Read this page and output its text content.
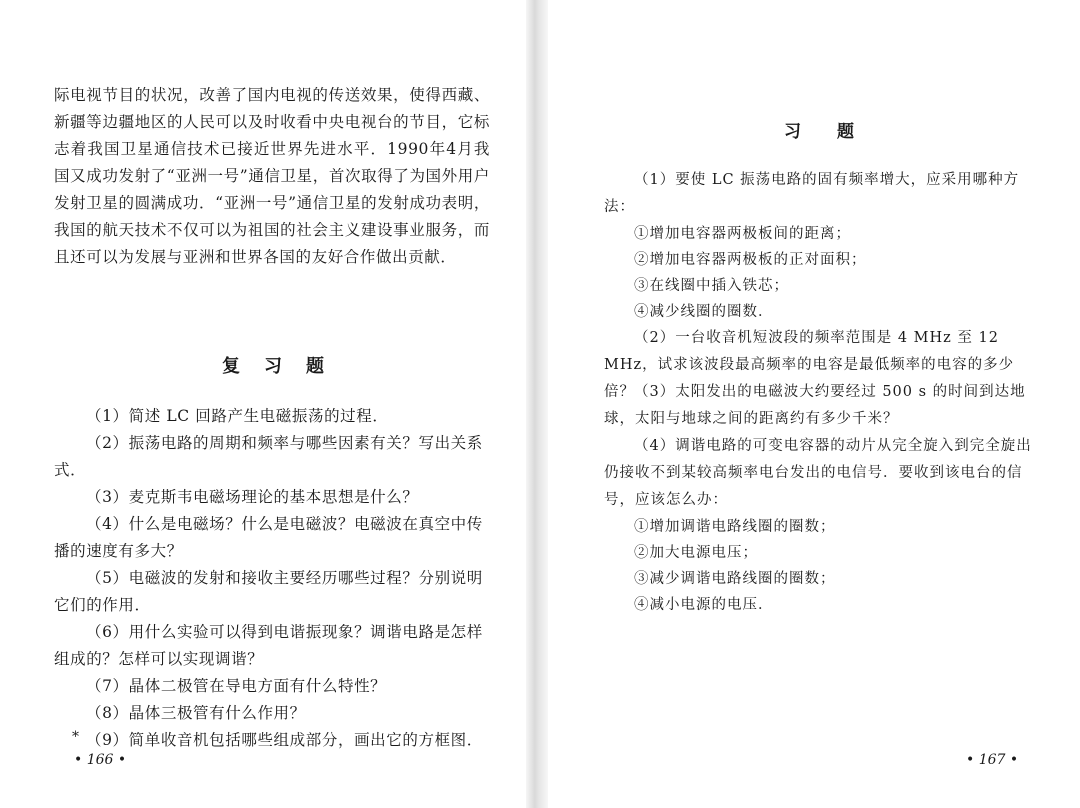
际电视节目的状况，改善了国内电视的传送效果，使得西藏、新疆等边疆地区的人民可以及时收看中央电视台的节目，它标志着我国卫星通信技术已接近世界先进水平．1990年4月我国又成功发射了“亚洲一号”通信卫星，首次取得了为国外用户发射卫星的圆满成功．“亚洲一号”通信卫星的发射成功表明，我国的航天技术不仅可以为祖国的社会主义建设事业服务，而且还可以为发展与亚洲和世界各国的友好合作做出贡献．

复习题

（1）简述 LC 回路产生电磁振荡的过程．

（2）振荡电路的周期和频率与哪些因素有关？写出关系式．

（3）麦克斯韦电磁场理论的基本思想是什么？

（4）什么是电磁场？什么是电磁波？电磁波在真空中传播的速度有多大？

（5）电磁波的发射和接收主要经历哪些过程？分别说明它们的作用．

（6）用什么实验可以得到电谐振现象？调谐电路是怎样组成的？怎样可以实现调谐？

（7）晶体二极管在导电方面有什么特性？

（8）晶体三极管有什么作用？

* （9）简单收音机包括哪些组成部分，画出它的方框图．

• 166 •

习题

（1）要使 LC 振荡电路的固有频率增大，应采用哪种方法：

①增加电容器两极板间的距离；

②增加电容器两极板的正对面积；

③在线圈中插入铁芯；

④减少线圈的圈数．

（2）一台收音机短波段的频率范围是 4 MHz 至 12 MHz，试求该波段最高频率的电容是最低频率的电容的多少倍？ （3）太阳发出的电磁波大约要经过 500 s 的时间到达地球，太阳与地球之间的距离约有多少千米？

（4）调谐电路的可变电容器的动片从完全旋入到完全旋出仍接收不到某较高频率电台发出的电信号．要收到该电台的信号，应该怎么办：

①增加调谐电路线圈的圈数；

②加大电源电压；

③减少调谐电路线圈的圈数；

④减小电源的电压．

• 167 •
